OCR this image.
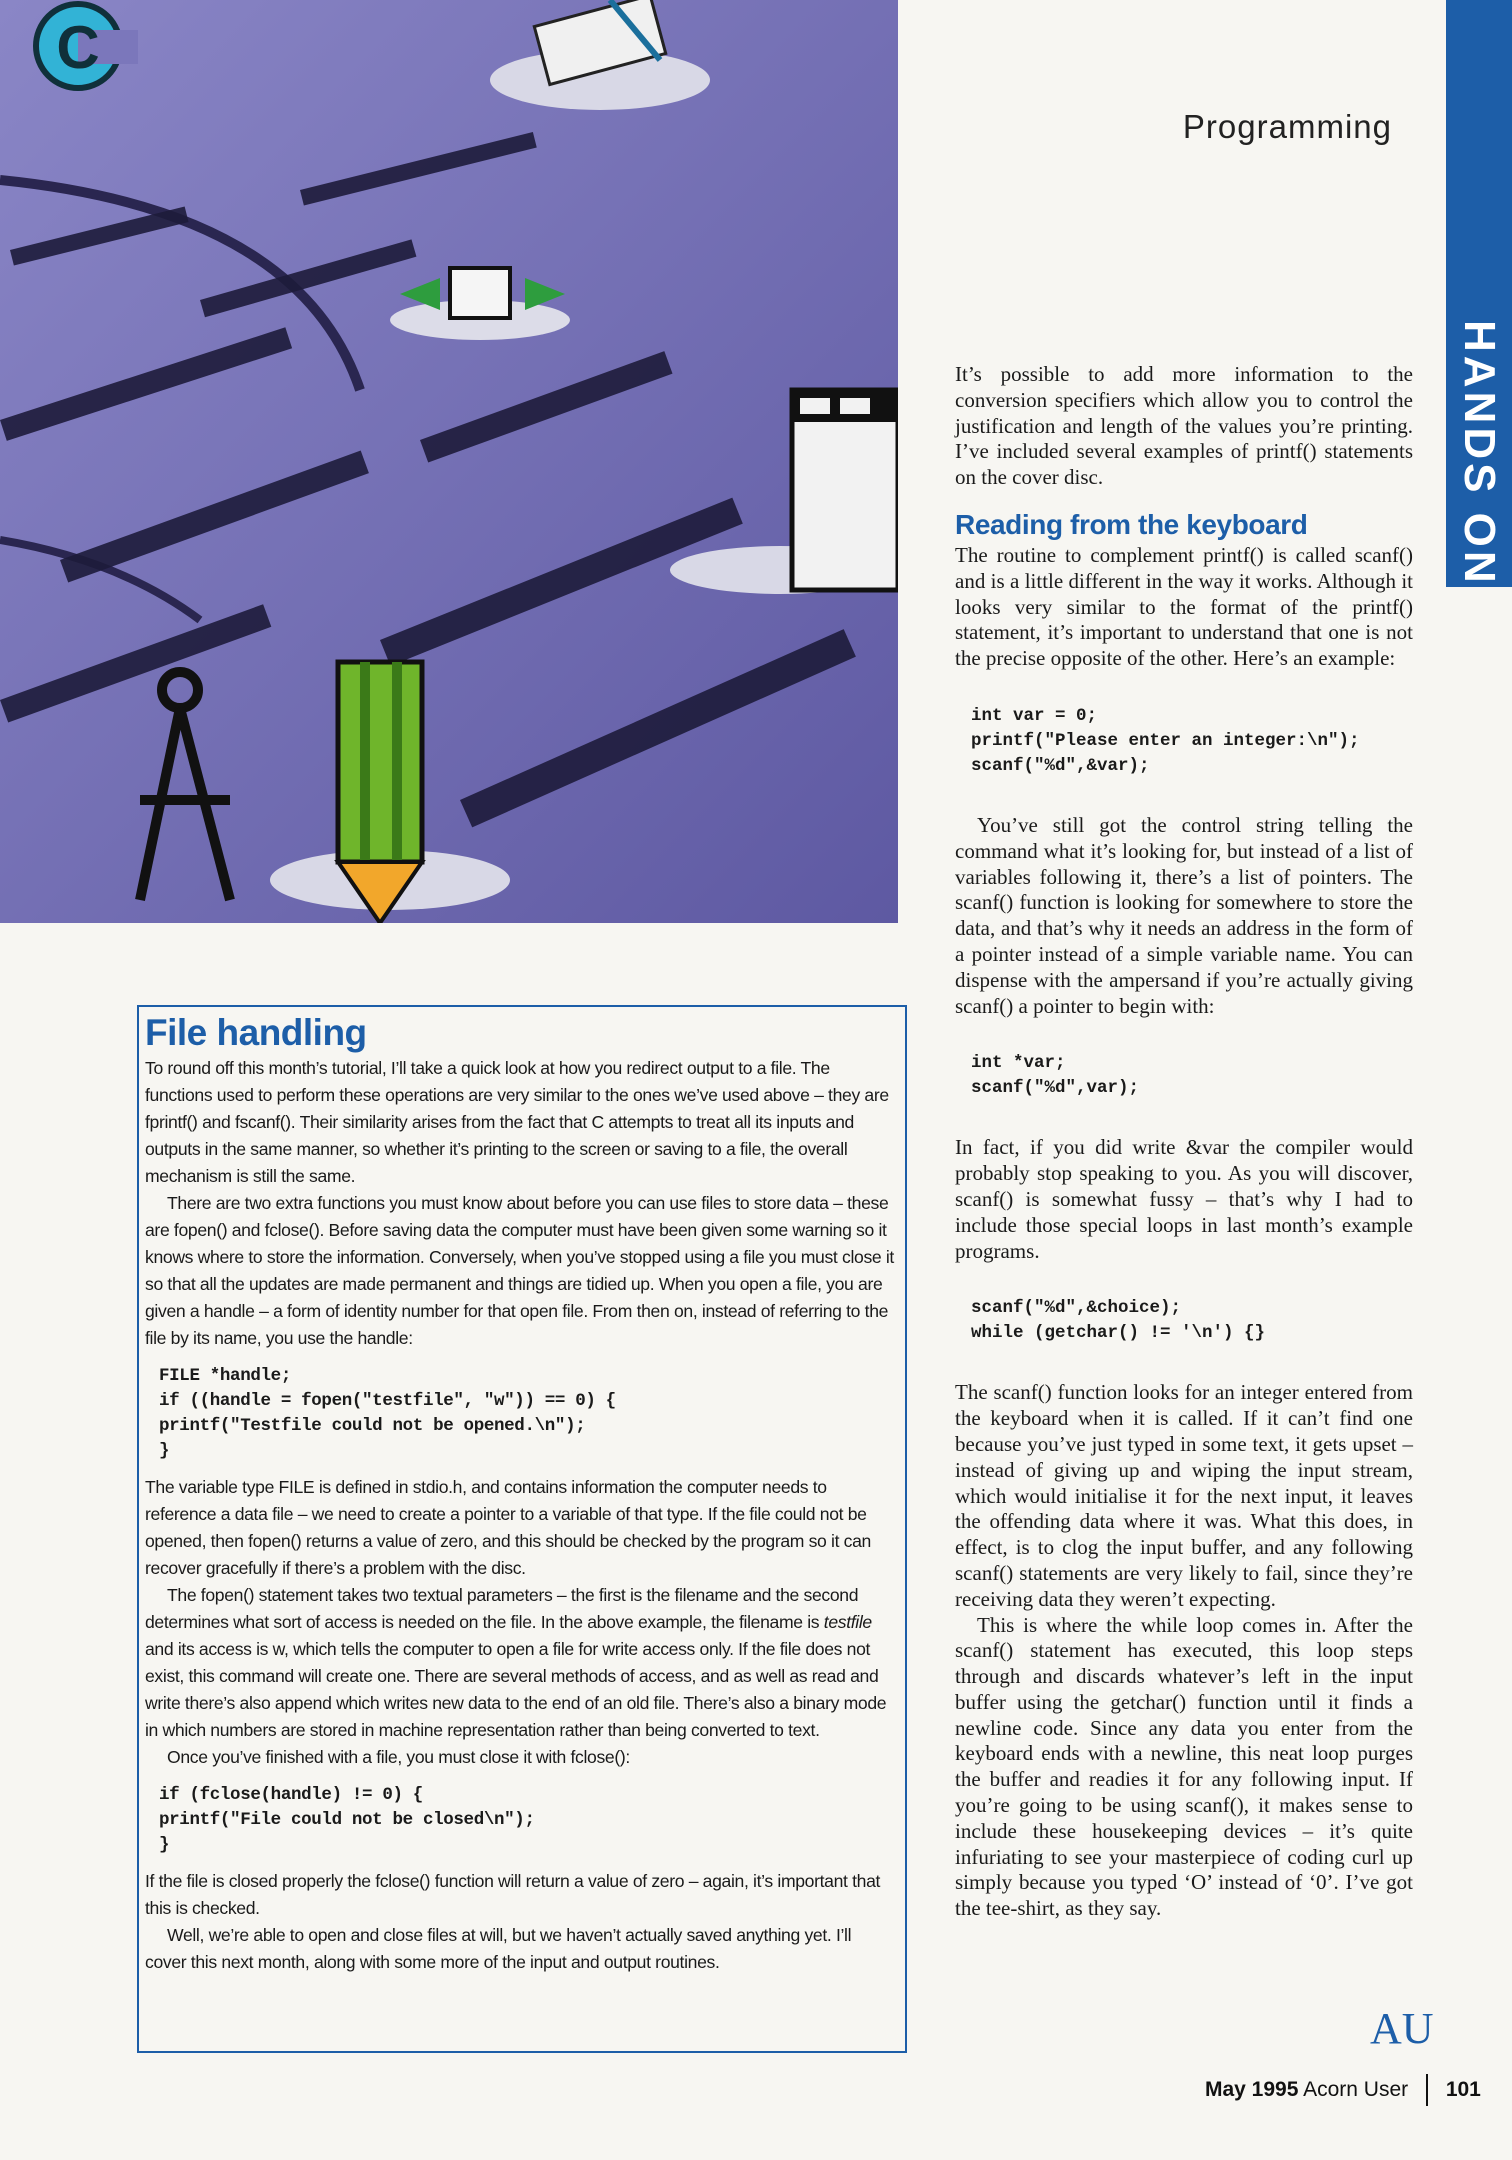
C

Programming
HANDS ON

It’s possible to add more information to the conversion specifiers which allow you to control the justification and length of the values you’re printing. I’ve included several examples of printf() statements on the cover disc.

Reading from the keyboard

The routine to complement printf() is called scanf() and is a little different in the way it works. Although it looks very similar to the format of the printf() statement, it’s important to understand that one is not the precise opposite of the other. Here’s an example:

int var = 0;
printf("Please enter an integer:\n");
scanf("%d",&var);

You’ve still got the control string telling the command what it’s looking for, but instead of a list of variables following it, there’s a list of pointers. The scanf() function is looking for somewhere to store the data, and that’s why it needs an address in the form of a pointer instead of a simple variable name. You can dispense with the ampersand if you’re actually giving scanf() a pointer to begin with:

int *var;
scanf("%d",var);

In fact, if you did write &var the compiler would probably stop speaking to you. As you will discover, scanf() is somewhat fussy – that’s why I had to include those special loops in last month’s example programs.

scanf("%d",&choice);
while (getchar() != '\n') {}

The scanf() function looks for an integer entered from the keyboard when it is called. If it can’t find one because you’ve just typed in some text, it gets upset – instead of giving up and wiping the input stream, which would initialise it for the next input, it leaves the offending data where it was. What this does, in effect, is to clog the input buffer, and any following scanf() statements are very likely to fail, since they’re receiving data they weren’t expecting.

This is where the while loop comes in. After the scanf() statement has executed, this loop steps through and discards whatever’s left in the input buffer using the getchar() function until it finds a newline code. Since any data you enter from the keyboard ends with a newline, this neat loop purges the buffer and readies it for any following input. If you’re going to be using scanf(), it makes sense to include these housekeeping devices – it’s quite infuriating to see your masterpiece of coding curl up simply because you typed ‘O’ instead of ‘0’. I’ve got the tee-shirt, as they say.

File handling

To round off this month’s tutorial, I’ll take a quick look at how you redirect output to a file. The functions used to perform these operations are very similar to the ones we’ve used above – they are fprintf() and fscanf(). Their similarity arises from the fact that C attempts to treat all its inputs and outputs in the same manner, so whether it’s printing to the screen or saving to a file, the overall mechanism is still the same.

There are two extra functions you must know about before you can use files to store data – these are fopen() and fclose(). Before saving data the computer must have been given some warning so it knows where to store the information. Conversely, when you’ve stopped using a file you must close it so that all the updates are made permanent and things are tidied up. When you open a file, you are given a handle – a form of identity number for that open file. From then on, instead of referring to the file by its name, you use the handle:

FILE *handle;
if ((handle = fopen("testfile", "w")) == 0) {
printf("Testfile could not be opened.\n");
}

The variable type FILE is defined in stdio.h, and contains information the computer needs to reference a data file – we need to create a pointer to a variable of that type. If the file could not be opened, then fopen() returns a value of zero, and this should be checked by the program so it can recover gracefully if there’s a problem with the disc.

The fopen() statement takes two textual parameters – the first is the filename and the second determines what sort of access is needed on the file. In the above example, the filename is testfile and its access is w, which tells the computer to open a file for write access only. If the file does not exist, this command will create one. There are several methods of access, and as well as read and write there’s also append which writes new data to the end of an old file. There’s also a binary mode in which numbers are stored in machine representation rather than being converted to text.

Once you’ve finished with a file, you must close it with fclose():

if (fclose(handle) != 0) {
printf("File could not be closed\n");
}

If the file is closed properly the fclose() function will return a value of zero – again, it’s important that this is checked.

Well, we’re able to open and close files at will, but we haven’t actually saved anything yet. I’ll cover this next month, along with some more of the input and output routines.

AU
May 1995 Acorn User 101
